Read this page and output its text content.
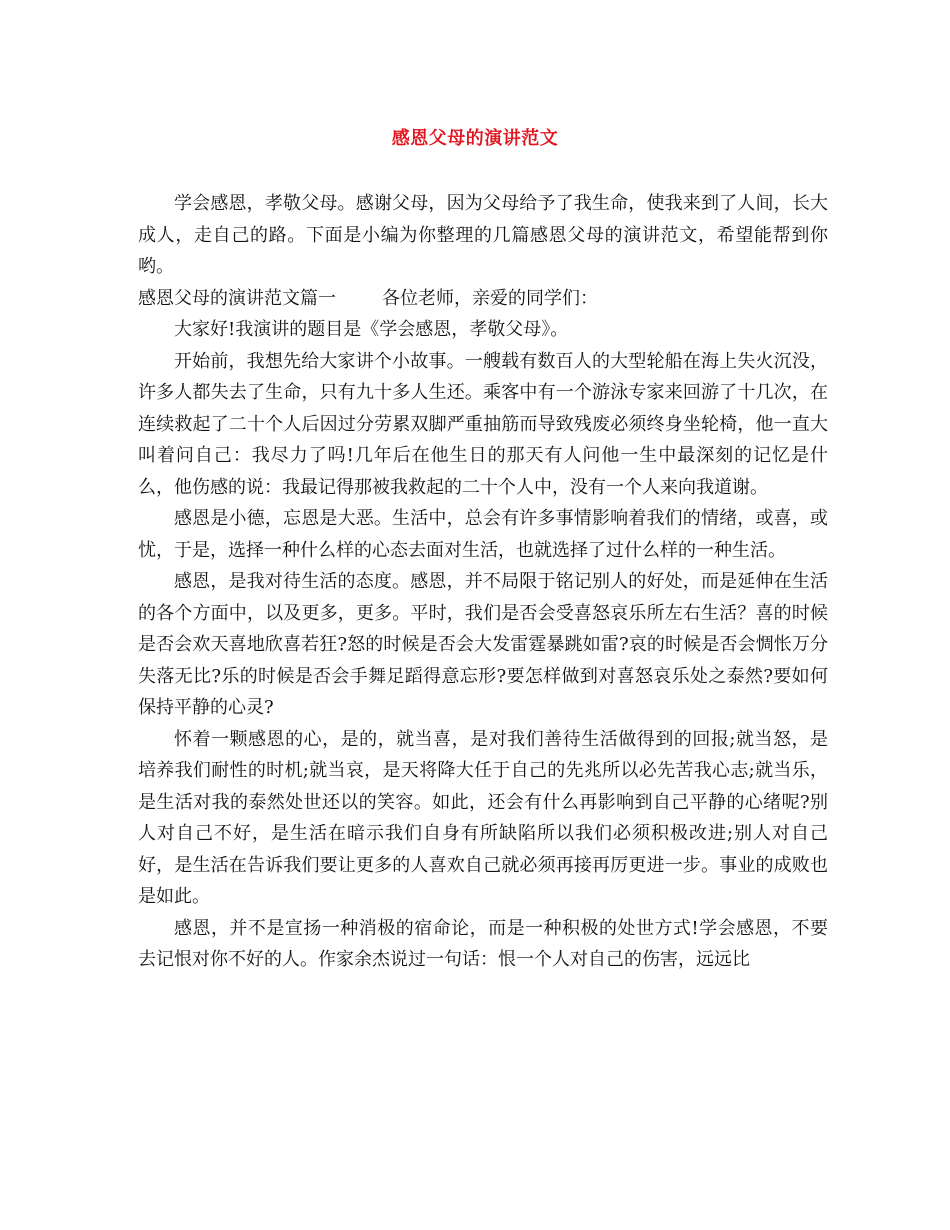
感恩父母的演讲范文

学会感恩，孝敬父母。感谢父母，因为父母给予了我生命，使我来到了人间，长大成人，走自己的路。下面是小编为你整理的几篇感恩父母的演讲范文，希望能帮到你哟。

感恩父母的演讲范文篇一	各位老师，亲爱的同学们：

大家好!我演讲的题目是《学会感恩，孝敬父母》。

开始前，我想先给大家讲个小故事。一艘载有数百人的大型轮船在海上失火沉没，许多人都失去了生命，只有九十多人生还。乘客中有一个游泳专家来回游了十几次，在连续救起了二十个人后因过分劳累双脚严重抽筋而导致残废必须终身坐轮椅，他一直大叫着问自己：我尽力了吗!几年后在他生日的那天有人问他一生中最深刻的记忆是什么，他伤感的说：我最记得那被我救起的二十个人中，没有一个人来向我道谢。

感恩是小德，忘恩是大恶。生活中，总会有许多事情影响着我们的情绪，或喜，或忧，于是，选择一种什么样的心态去面对生活，也就选择了过什么样的一种生活。

感恩，是我对待生活的态度。感恩，并不局限于铭记别人的好处，而是延伸在生活的各个方面中，以及更多，更多。平时，我们是否会受喜怒哀乐所左右生活？喜的时候是否会欢天喜地欣喜若狂?怒的时候是否会大发雷霆暴跳如雷?哀的时候是否会惆怅万分失落无比?乐的时候是否会手舞足蹈得意忘形?要怎样做到对喜怒哀乐处之泰然?要如何保持平静的心灵?

怀着一颗感恩的心，是的，就当喜，是对我们善待生活做得到的回报;就当怒，是培养我们耐性的时机;就当哀，是天将降大任于自己的先兆所以必先苦我心志;就当乐，是生活对我的泰然处世还以的笑容。如此，还会有什么再影响到自己平静的心绪呢?别人对自己不好，是生活在暗示我们自身有所缺陷所以我们必须积极改进;别人对自己好，是生活在告诉我们要让更多的人喜欢自己就必须再接再厉更进一步。事业的成败也是如此。

感恩，并不是宣扬一种消极的宿命论，而是一种积极的处世方式!学会感恩，不要去记恨对你不好的人。作家余杰说过一句话：恨一个人对自己的伤害，远远比
